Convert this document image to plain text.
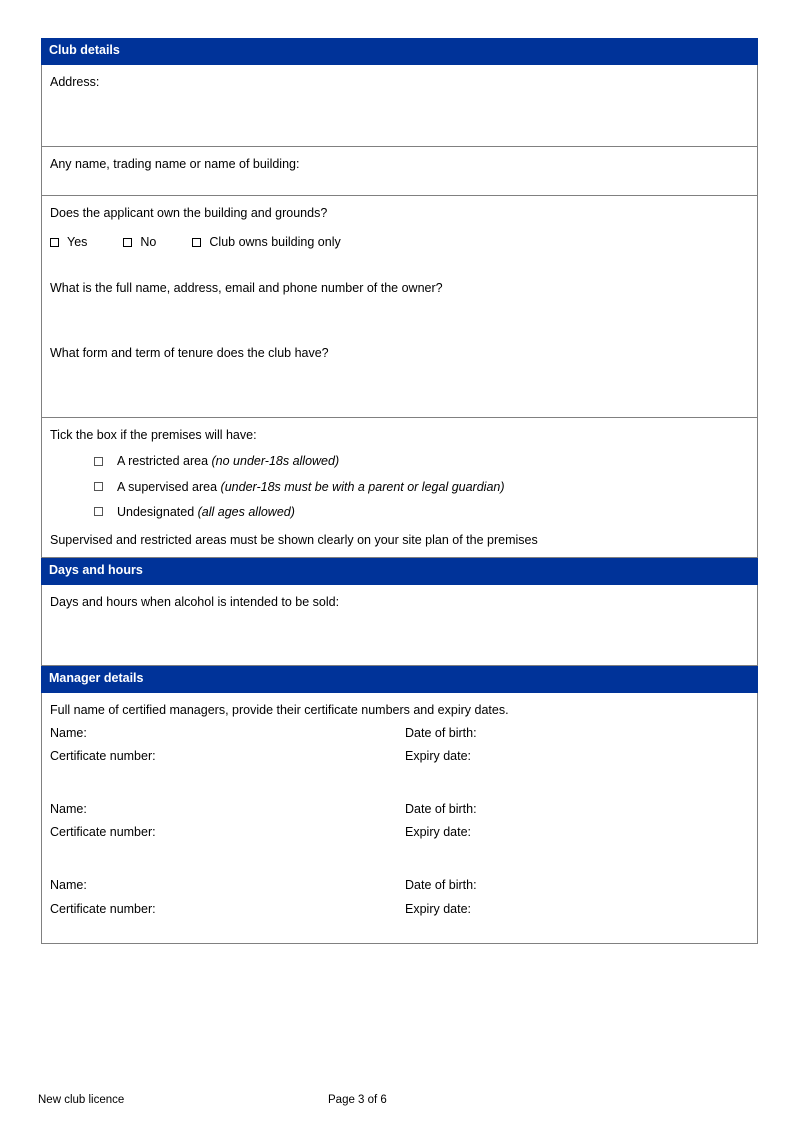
Club details
Address:
Any name, trading name or name of building:
Does the applicant own the building and grounds?
Yes	No	Club owns building only
What is the full name, address, email and phone number of the owner?
What form and term of tenure does the club have?
Tick the box if the premises will have:
A restricted area (no under-18s allowed)
A supervised area (under-18s must be with a parent or legal guardian)
Undesignated (all ages allowed)
Supervised and restricted areas must be shown clearly on your site plan of the premises
Days and hours
Days and hours when alcohol is intended to be sold:
Manager details
Full name of certified managers, provide their certificate numbers and expiry dates.
Name:	Date of birth:
Certificate number:	Expiry date:
Name:	Date of birth:
Certificate number:	Expiry date:
Name:	Date of birth:
Certificate number:	Expiry date:
New club licence	Page 3 of 6
